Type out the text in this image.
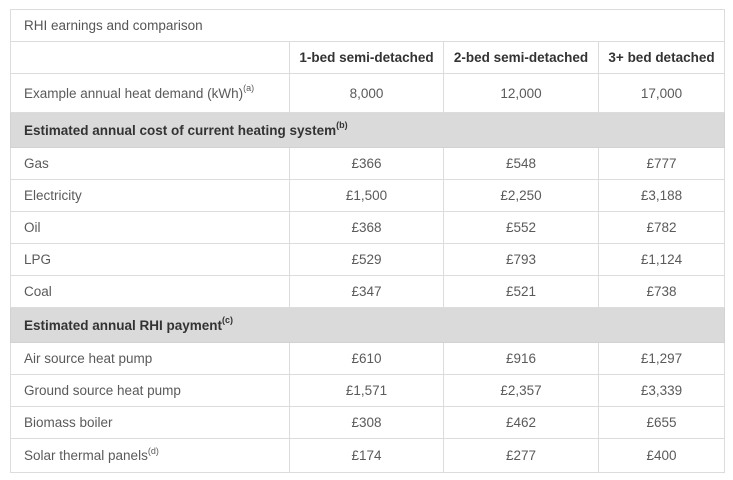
RHI earnings and comparison			
	1-bed semi-detached	2-bed semi-detached	3+ bed detached
Example annual heat demand (kWh)$^{(a)}$	8,000	12,000	17,000
Estimated annual cost of current heating system$^{(b)}$
Gas	£366	£548	£777
Electricity	£1,500	£2,250	£3,188
Oil	£368	£552	£782
LPG	£529	£793	£1,124
Coal	£347	£521	£738
Estimated annual RHI payment$^{(c)}$
Air source heat pump	£610	£916	£1,297
Ground source heat pump	£1,571	£2,357	£3,339
Biomass boiler	£308	£462	£655
Solar thermal panels$^{(d)}$	£174	£277	£400
